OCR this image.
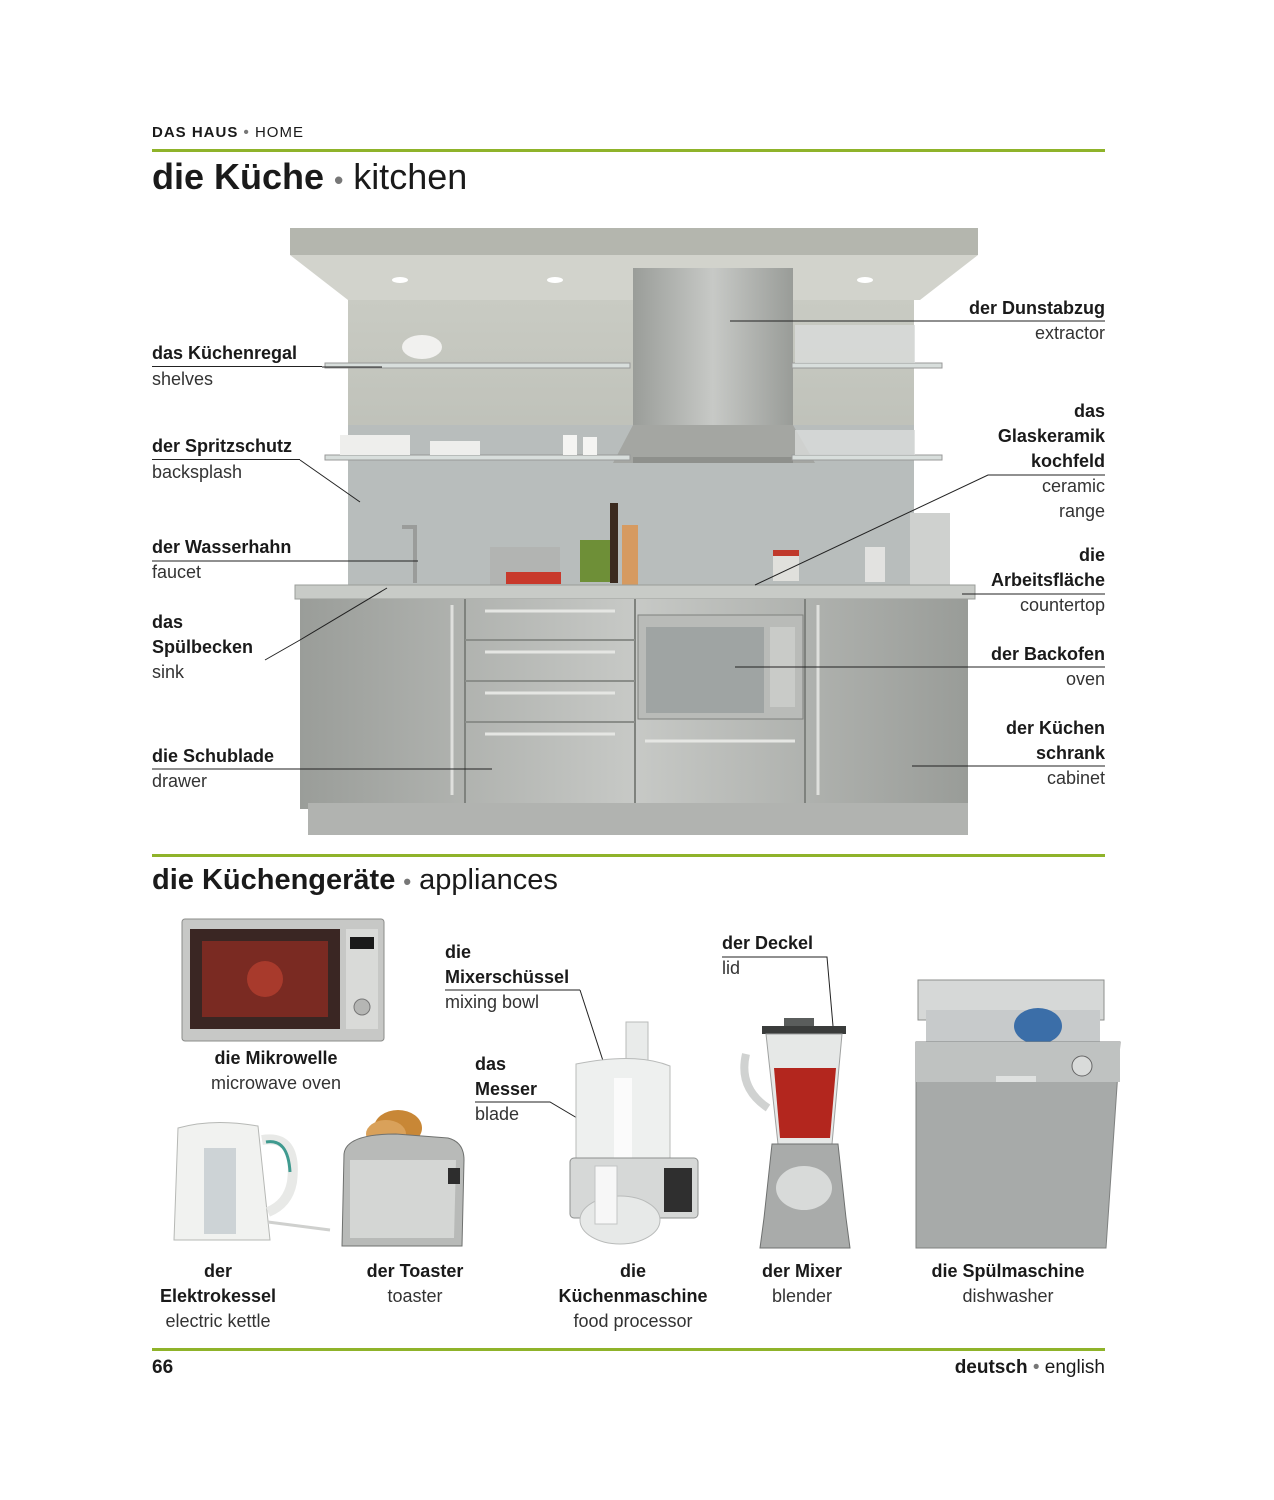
DAS HAUS • HOME
die Küche • kitchen
das Küchenregal
shelves
der Spritzschutz
backsplash
der Wasserhahn
faucet
das
Spülbecken
sink
die Schublade
drawer
der Dunstabzug
extractor
das
Glaskeramik
kochfeld
ceramic
range
die
Arbeitsfläche
countertop
der Backofen
oven
der Küchen
schrank
cabinet
die Küchengeräte • appliances
die Mikrowelle
microwave oven
der
Elektrokessel
electric kettle
der Toaster
toaster
die
Küchenmaschine
food processor
die
Mixerschüssel
mixing bowl
das
Messer
blade
der Mixer
blender
der Deckel
lid
die Spülmaschine
dishwasher
66	deutsch • english
